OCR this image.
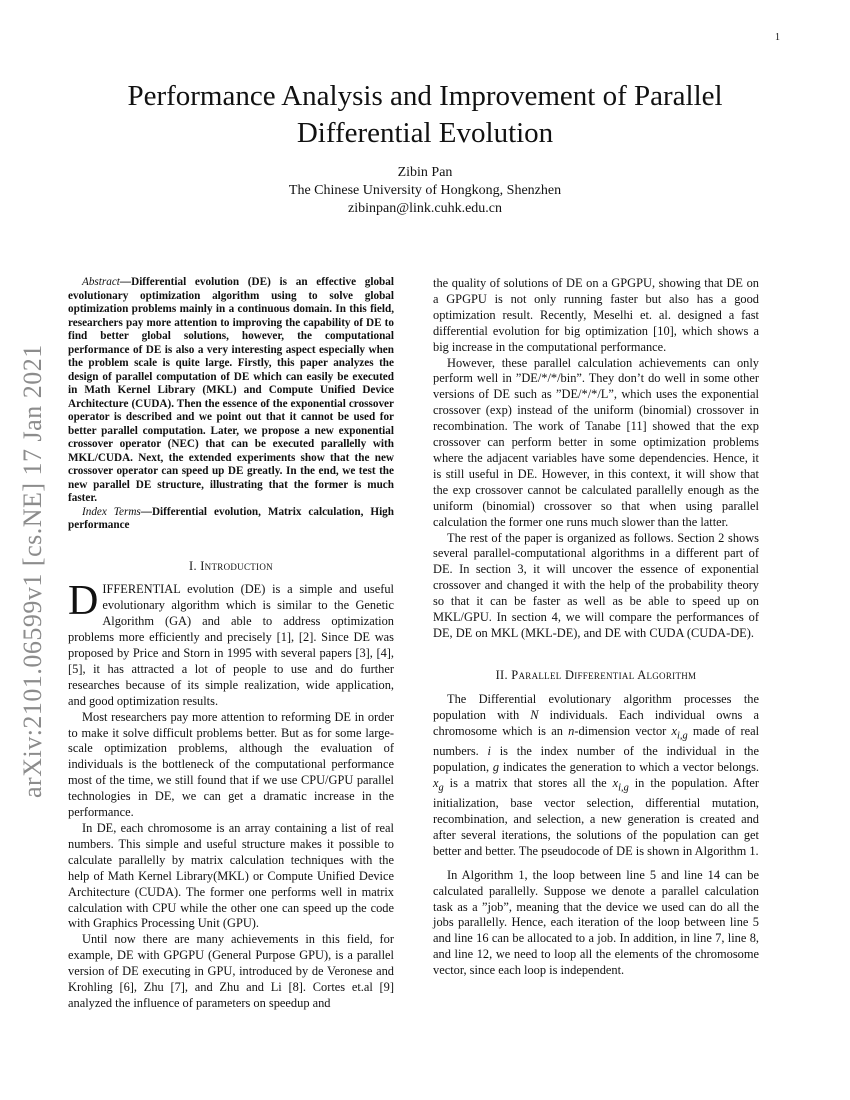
1
arXiv:2101.06599v1 [cs.NE] 17 Jan 2021
Performance Analysis and Improvement of Parallel
Differential Evolution
Zibin Pan
The Chinese University of Hongkong, Shenzhen
zibinpan@link.cuhk.edu.cn

Abstract—Differential evolution (DE) is an effective global evolutionary optimization algorithm using to solve global optimization problems mainly in a continuous domain. In this field, researchers pay more attention to improving the capability of DE to find better global solutions, however, the computational performance of DE is also a very interesting aspect especially when the problem scale is quite large. Firstly, this paper analyzes the design of parallel computation of DE which can easily be executed in Math Kernel Library (MKL) and Compute Unified Device Architecture (CUDA). Then the essence of the exponential crossover operator is described and we point out that it cannot be used for better parallel computation. Later, we propose a new exponential crossover operator (NEC) that can be executed parallelly with MKL/CUDA. Next, the extended experiments show that the new crossover operator can speed up DE greatly. In the end, we test the new parallel DE structure, illustrating that the former is much faster.

Index Terms—Differential evolution, Matrix calculation, High performance

I. Introduction

DIFFERENTIAL evolution (DE) is a simple and useful evolutionary algorithm which is similar to the Genetic Algorithm (GA) and able to address optimization problems more efficiently and precisely [1], [2]. Since DE was proposed by Price and Storn in 1995 with several papers [3], [4], [5], it has attracted a lot of people to use and do further researches because of its simple realization, wide application, and good optimization results.

Most researchers pay more attention to reforming DE in order to make it solve difficult problems better. But as for some large-scale optimization problems, although the evaluation of individuals is the bottleneck of the computational performance most of the time, we still found that if we use CPU/GPU parallel technologies in DE, we can get a dramatic increase in the performance.

In DE, each chromosome is an array containing a list of real numbers. This simple and useful structure makes it possible to calculate parallelly by matrix calculation techniques with the help of Math Kernel Library(MKL) or Compute Unified Device Architecture (CUDA). The former one performs well in matrix calculation with CPU while the other one can speed up the code with Graphics Processing Unit (GPU).

Until now there are many achievements in this field, for example, DE with GPGPU (General Purpose GPU), is a parallel version of DE executing in GPU, introduced by de Veronese and Krohling [6], Zhu [7], and Zhu and Li [8]. Cortes et.al [9] analyzed the influence of parameters on speedup and

the quality of solutions of DE on a GPGPU, showing that DE on a GPGPU is not only running faster but also has a good optimization result. Recently, Meselhi et. al. designed a fast differential evolution for big optimization [10], which shows a big increase in the computational performance.

However, these parallel calculation achievements can only perform well in ”DE/*/*/bin”. They don’t do well in some other versions of DE such as ”DE/*/*/L”, which uses the exponential crossover (exp) instead of the uniform (binomial) crossover in recombination. The work of Tanabe [11] showed that the exp crossover can perform better in some optimization problems where the adjacent variables have some dependencies. Hence, it is still useful in DE. However, in this context, it will show that the exp crossover cannot be calculated parallelly enough as the uniform (binomial) crossover so that when using parallel calculation the former one runs much slower than the latter.

The rest of the paper is organized as follows. Section 2 shows several parallel-computational algorithms in a different part of DE. In section 3, it will uncover the essence of exponential crossover and changed it with the help of the probability theory so that it can be faster as well as be able to speed up on MKL/GPU. In section 4, we will compare the performances of DE, DE on MKL (MKL-DE), and DE with CUDA (CUDA-DE).

II. Parallel Differential Algorithm

The Differential evolutionary algorithm processes the population with N individuals. Each individual owns a chromosome which is an n-dimension vector $x_{i,g}$ made of real numbers. i is the index number of the individual in the population, g indicates the generation to which a vector belongs. $x_g$ is a matrix that stores all the $x_{i,g}$ in the population. After initialization, base vector selection, differential mutation, recombination, and selection, a new generation is created and after several iterations, the solutions of the population can get better and better. The pseudocode of DE is shown in Algorithm 1.

In Algorithm 1, the loop between line 5 and line 14 can be calculated parallelly. Suppose we denote a parallel calculation task as a ”job”, meaning that the device we used can do all the jobs parallelly. Hence, each iteration of the loop between line 5 and line 16 can be allocated to a job. In addition, in line 7, line 8, and line 12, we need to loop all the elements of the chromosome vector, since each loop is independent.
